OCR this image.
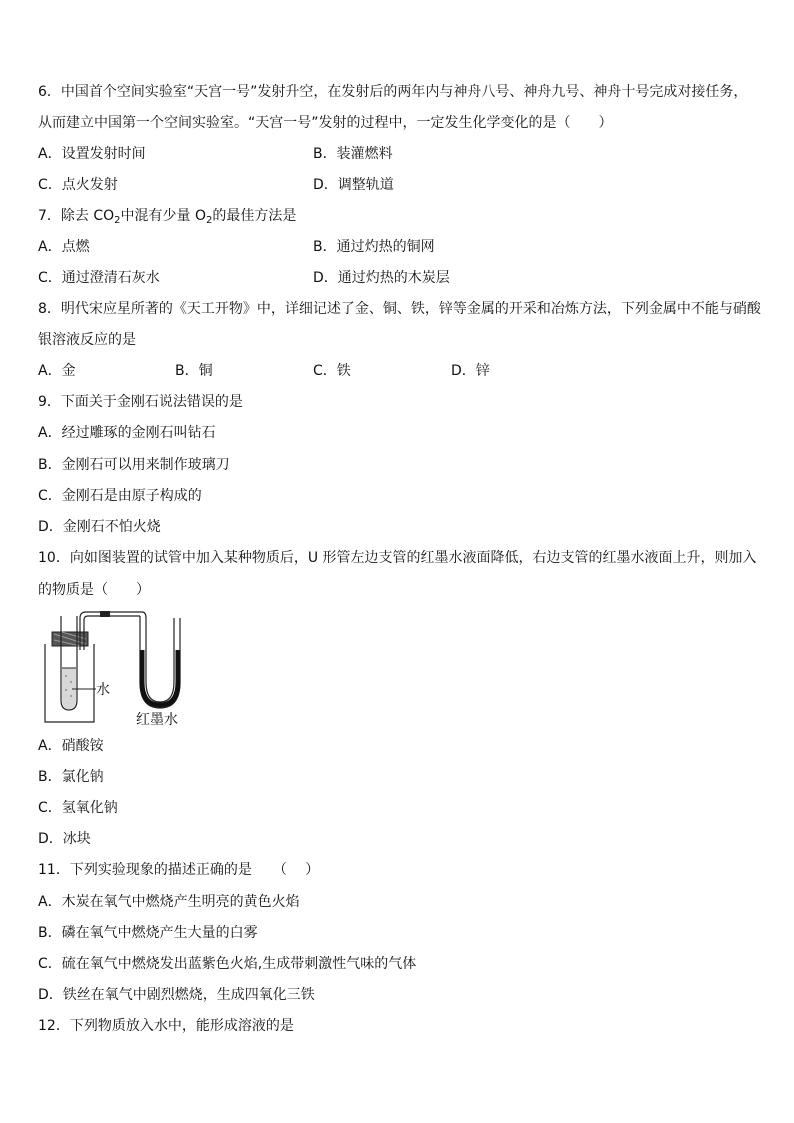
6．中国首个空间实验室“天宫一号”发射升空，在发射后的两年内与神舟八号、神舟九号、神舟十号完成对接任务，
从而建立中国第一个空间实验室。“天宫一号”发射的过程中，一定发生化学变化的是（　　）
A．设置发射时间	B．装灌燃料
C．点火发射	D．调整轨道
7．除去 $CO_2$中混有少量 $O_2$的最佳方法是
A．点燃	B．通过灼热的铜网
C．通过澄清石灰水	D．通过灼热的木炭层
8．明代宋应星所著的《天工开物》中，详细记述了金、铜、铁，锌等金属的开采和冶炼方法，下列金属中不能与硝酸
银溶液反应的是
A．金	B．铜	C．铁	D．锌
9．下面关于金刚石说法错误的是
A．经过雕琢的金刚石叫钻石
B．金刚石可以用来制作玻璃刀
C．金刚石是由原子构成的
D．金刚石不怕火烧
10．向如图装置的试管中加入某种物质后，U 形管左边支管的红墨水液面降低，右边支管的红墨水液面上升，则加入
的物质是（　　）
水
红墨水
A．硝酸铵
B．氯化钠
C．氢氧化钠
D．冰块
11．下列实验现象的描述正确的是　　（　 ）
A．木炭在氧气中燃烧产生明亮的黄色火焰
B．磷在氧气中燃烧产生大量的白雾
C．硫在氧气中燃烧发出蓝紫色火焰,生成带刺激性气味的气体
D．铁丝在氧气中剧烈燃烧，生成四氧化三铁
12．下列物质放入水中，能形成溶液的是
